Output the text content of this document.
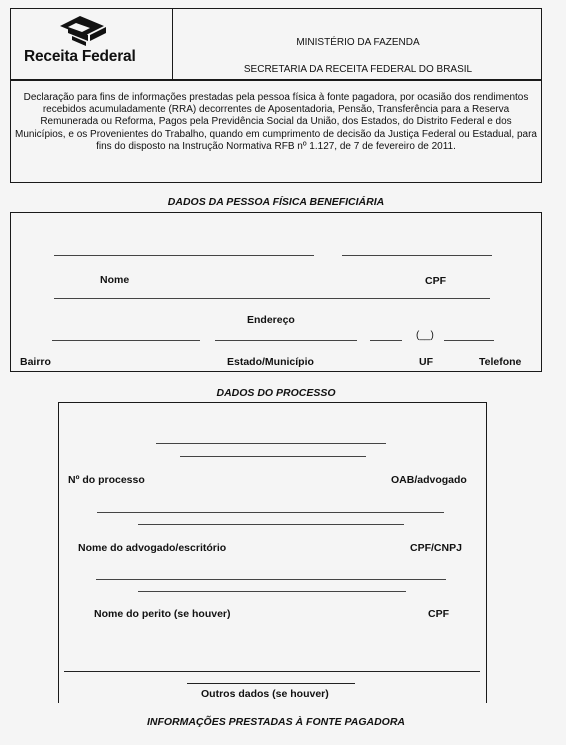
Receita Federal
MINISTÉRIO DA FAZENDA
SECRETARIA DA RECEITA FEDERAL DO BRASIL
Declaração para fins de informações prestadas pela pessoa física à fonte pagadora, por ocasião dos rendimentos recebidos acumuladamente (RRA) decorrentes de Aposentadoria, Pensão, Transferência para a Reserva Remunerada ou Reforma, Pagos pela Previdência Social da União, dos Estados, do Distrito Federal e dos Municípios, e os Provenientes do Trabalho, quando em cumprimento de decisão da Justiça Federal ou Estadual, para fins do disposto na Instrução Normativa RFB nº 1.127, de 7 de fevereiro de 2011.
DADOS DA PESSOA FÍSICA BENEFICIÁRIA
Nome	CPF
Endereço
(__)
Bairro	Estado/Município	UF	Telefone
DADOS DO PROCESSO
Nº do processo	OAB/advogado
Nome do advogado/escritório	CPF/CNPJ
Nome do perito (se houver)	CPF
Outros dados (se houver)
INFORMAÇÕES PRESTADAS À FONTE PAGADORA
